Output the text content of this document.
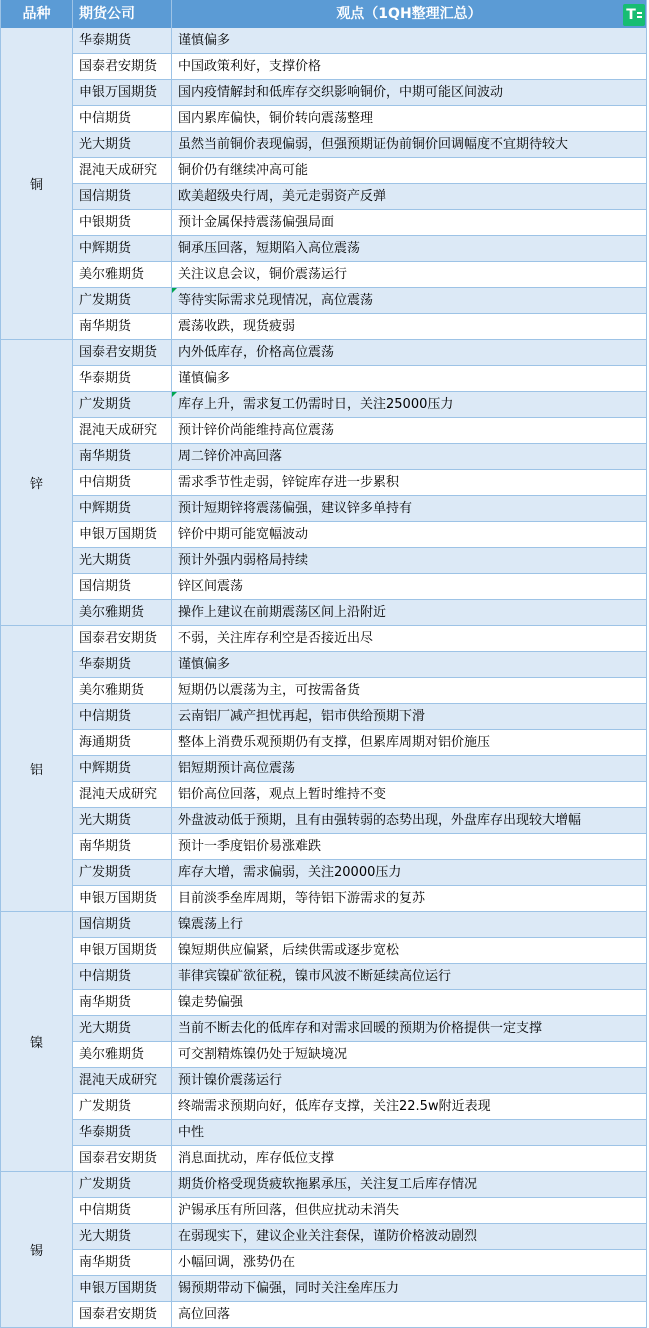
品种	期货公司	观点（1QH整理汇总）	T
铜
华泰期货	谨慎偏多
国泰君安期货	中国政策利好，支撑价格
申银万国期货	国内疫情解封和低库存交织影响铜价，中期可能区间波动
中信期货	国内累库偏快，铜价转向震荡整理
光大期货	虽然当前铜价表现偏弱，但强预期证伪前铜价回调幅度不宜期待较大
混沌天成研究	铜价仍有继续冲高可能
国信期货	欧美超级央行周，美元走弱资产反弹
中银期货	预计金属保持震荡偏强局面
中辉期货	铜承压回落，短期陷入高位震荡
美尔雅期货	关注议息会议，铜价震荡运行
广发期货	等待实际需求兑现情况，高位震荡
南华期货	震荡收跌，现货疲弱
锌
国泰君安期货	内外低库存，价格高位震荡
华泰期货	谨慎偏多
广发期货	库存上升，需求复工仍需时日，关注25000压力
混沌天成研究	预计锌价尚能维持高位震荡
南华期货	周二锌价冲高回落
中信期货	需求季节性走弱，锌锭库存进一步累积
中辉期货	预计短期锌将震荡偏强，建议锌多单持有
申银万国期货	锌价中期可能宽幅波动
光大期货	预计外强内弱格局持续
国信期货	锌区间震荡
美尔雅期货	操作上建议在前期震荡区间上沿附近
铝
国泰君安期货	不弱，关注库存利空是否接近出尽
华泰期货	谨慎偏多
美尔雅期货	短期仍以震荡为主，可按需备货
中信期货	云南铝厂减产担忧再起，铝市供给预期下滑
海通期货	整体上消费乐观预期仍有支撑，但累库周期对铝价施压
中辉期货	铝短期预计高位震荡
混沌天成研究	铝价高位回落，观点上暂时维持不变
光大期货	外盘波动低于预期，且有由强转弱的态势出现，外盘库存出现较大增幅
南华期货	预计一季度铝价易涨难跌
广发期货	库存大增，需求偏弱，关注20000压力
申银万国期货	目前淡季垒库周期，等待铝下游需求的复苏
镍
国信期货	镍震荡上行
申银万国期货	镍短期供应偏紧，后续供需或逐步宽松
中信期货	菲律宾镍矿欲征税，镍市风波不断延续高位运行
南华期货	镍走势偏强
光大期货	当前不断去化的低库存和对需求回暖的预期为价格提供一定支撑
美尔雅期货	可交割精炼镍仍处于短缺境况
混沌天成研究	预计镍价震荡运行
广发期货	终端需求预期向好，低库存支撑，关注22.5w附近表现
华泰期货	中性
国泰君安期货	消息面扰动，库存低位支撑
锡
广发期货	期货价格受现货疲软拖累承压，关注复工后库存情况
中信期货	沪锡承压有所回落，但供应扰动未消失
光大期货	在弱现实下，建议企业关注套保，谨防价格波动剧烈
南华期货	小幅回调，涨势仍在
申银万国期货	锡预期带动下偏强，同时关注垒库压力
国泰君安期货	高位回落
